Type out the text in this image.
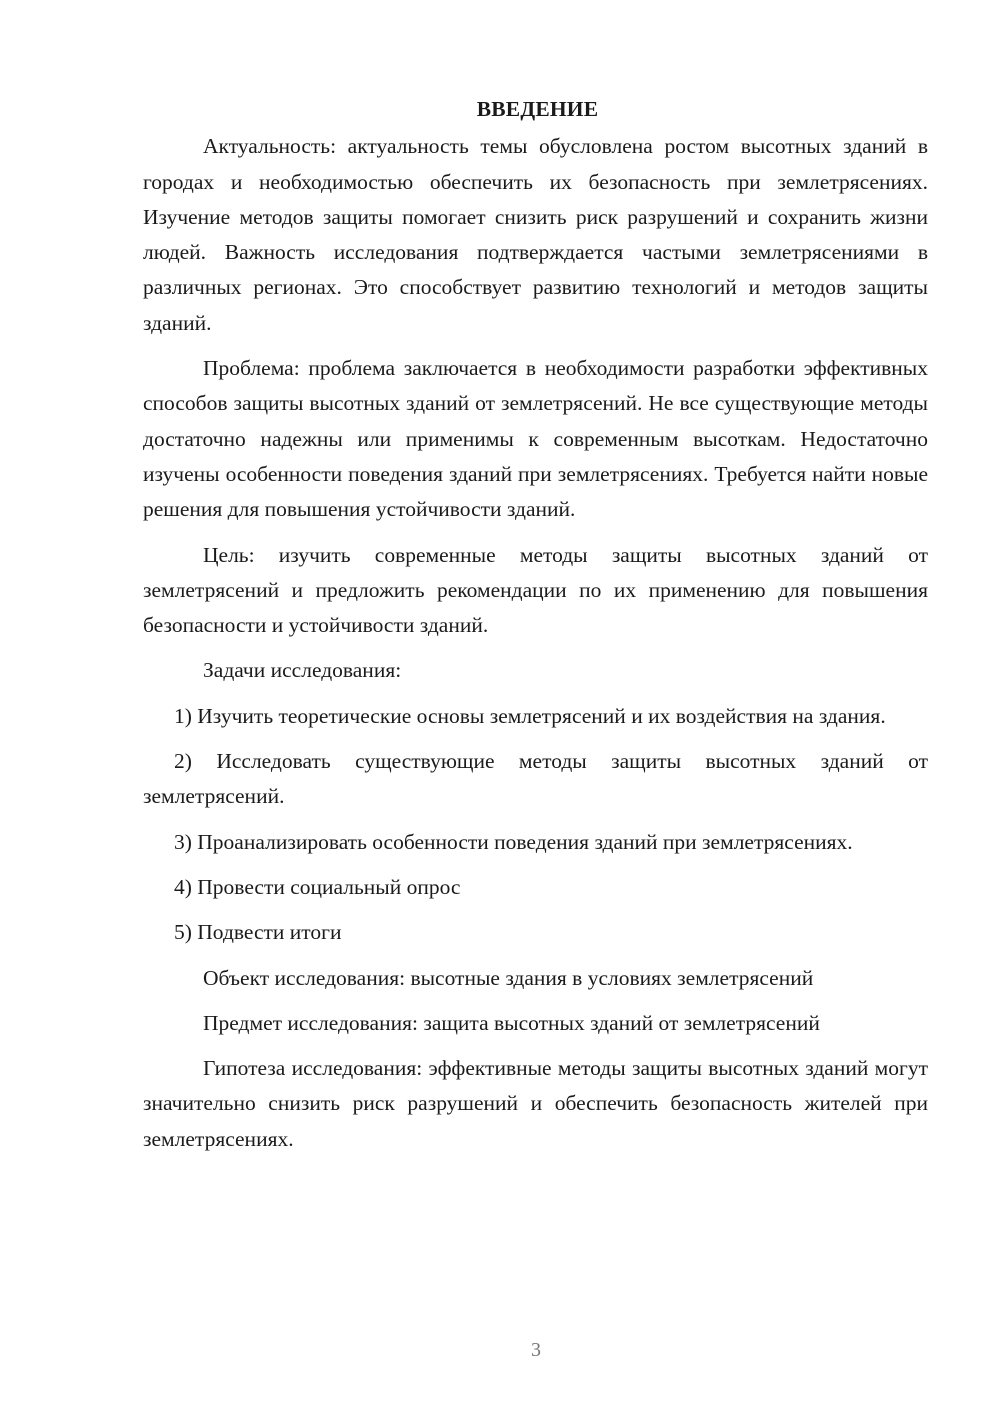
ВВЕДЕНИЕ

Актуальность: актуальность темы обусловлена ростом высотных зданий в городах и необходимостью обеспечить их безопасность при землетрясениях. Изучение методов защиты помогает снизить риск разрушений и сохранить жизни людей. Важность исследования подтверждается частыми землетрясениями в различных регионах. Это способствует развитию технологий и методов защиты зданий.

Проблема: проблема заключается в необходимости разработки эффективных способов защиты высотных зданий от землетрясений. Не все существующие методы достаточно надежны или применимы к современным высоткам. Недостаточно изучены особенности поведения зданий при землетрясениях. Требуется найти новые решения для повышения устойчивости зданий.

Цель: изучить современные методы защиты высотных зданий от землетрясений и предложить рекомендации по их применению для повышения безопасности и устойчивости зданий.

Задачи исследования:

1) Изучить теоретические основы землетрясений и их воздействия на здания.

2) Исследовать существующие методы защиты высотных зданий от землетрясений.

3) Проанализировать особенности поведения зданий при землетрясениях.

4) Провести социальный опрос

5) Подвести итоги

Объект исследования: высотные здания в условиях землетрясений

Предмет исследования: защита высотных зданий от землетрясений

Гипотеза исследования: эффективные методы защиты высотных зданий могут значительно снизить риск разрушений и обеспечить безопасность жителей при землетрясениях.

3
